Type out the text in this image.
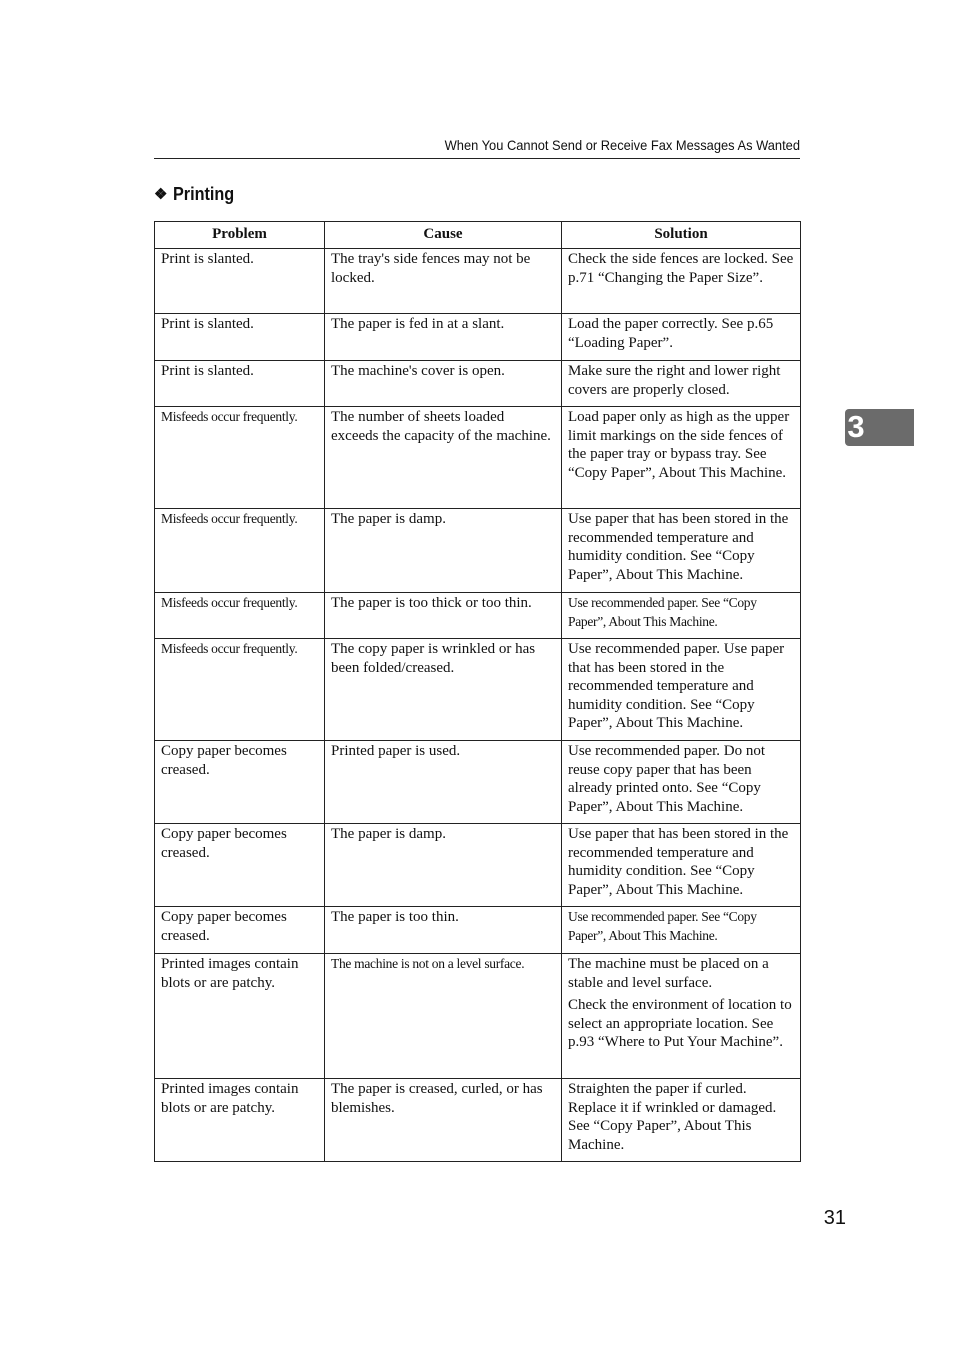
When You Cannot Send or Receive Fax Messages As Wanted
❖ Printing
Problem	Cause	Solution

Print is slanted.	The tray's side fences may not be locked.	Check the side fences are locked. See p.71 “Changing the Paper Size”.

Print is slanted.	The paper is fed in at a slant.	Load the paper correctly. See p.65 “Loading Paper”.

Print is slanted.	The machine's cover is open.	Make sure the right and lower right covers are properly closed.

Misfeeds occur frequently.	The number of sheets loaded exceeds the capacity of the machine.	Load paper only as high as the upper limit markings on the side fences of the paper tray or bypass tray. See “Copy Paper”, About This Machine.

Misfeeds occur frequently.	The paper is damp.	Use paper that has been stored in the recommended temperature and humidity condition. See “Copy Paper”, About This Machine.

Misfeeds occur frequently.	The paper is too thick or too thin.	Use recommended paper. See “Copy Paper”, About This Machine.

Misfeeds occur frequently.	The copy paper is wrinkled or has been folded/creased.	Use recommended paper. Use paper that has been stored in the recommended temperature and humidity condition. See “Copy Paper”, About This Machine.

Copy paper becomes creased.	Printed paper is used.	Use recommended paper. Do not reuse copy paper that has been already printed onto. See “Copy Paper”, About This Machine.

Copy paper becomes creased.	The paper is damp.	Use paper that has been stored in the recommended temperature and humidity condition. See “Copy Paper”, About This Machine.

Copy paper becomes creased.	The paper is too thin.	Use recommended paper. See “Copy Paper”, About This Machine.

Printed images contain blots or are patchy.	The machine is not on a level surface.	The machine must be placed on a stable and level surface.
Check the environment of location to select an appropriate location. See p.93 “Where to Put Your Machine”.

Printed images contain blots or are patchy.	The paper is creased, curled, or has blemishes.	Straighten the paper if curled. Replace it if wrinkled or damaged. See “Copy Paper”, About This Machine.
3
31
